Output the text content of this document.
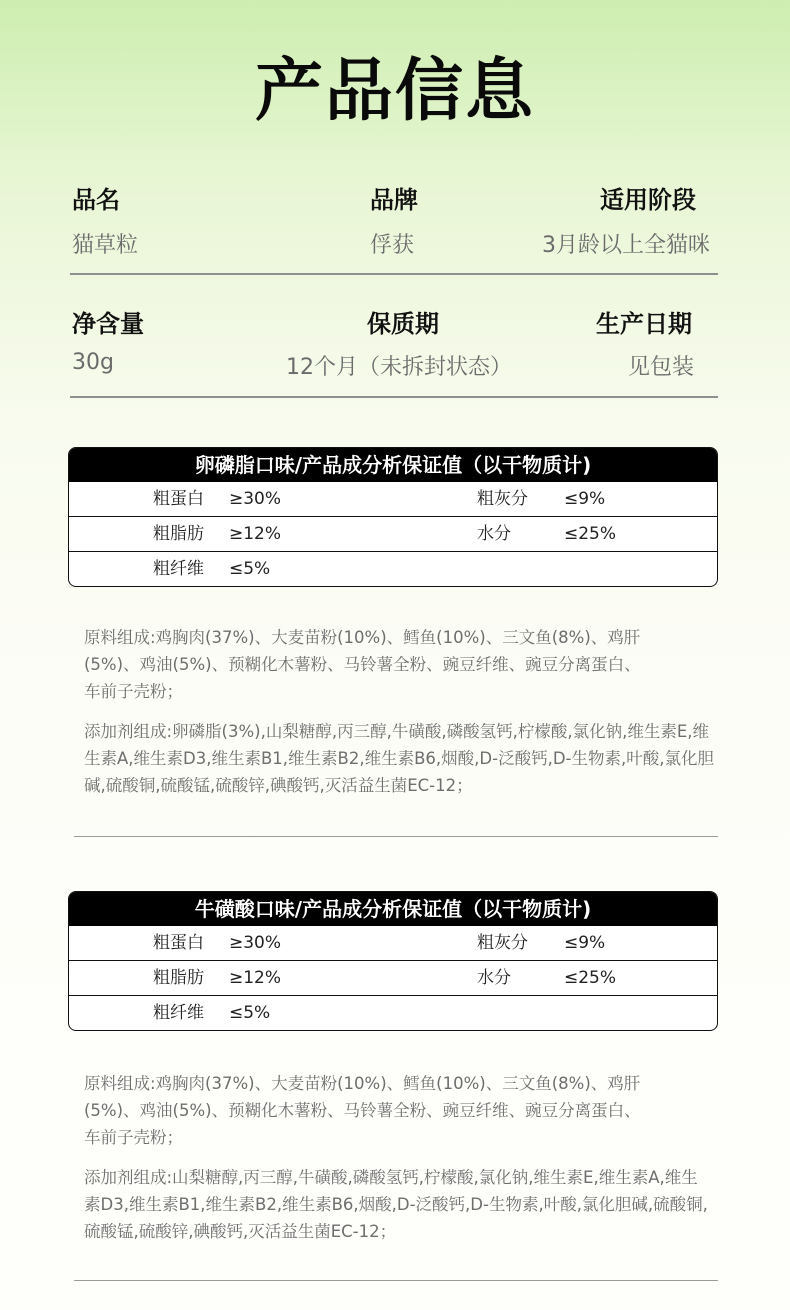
产品信息
品名	品牌	适用阶段
猫草粒	俘获	3月龄以上全猫咪
净含量	保质期	生产日期
30g	12个月（未拆封状态）	见包装
卵磷脂口味/产品成分析保证值（以干物质计)
粗蛋白 ≥30%	粗灰分 ≤9%
粗脂肪 ≥12%	水分	≤25%
粗纤维 ≤5%
原料组成:鸡胸肉(37%)、大麦苗粉(10%)、鳕鱼(10%)、三文鱼(8%)、鸡肝
(5%)、鸡油(5%)、预糊化木薯粉、马铃薯全粉、豌豆纤维、豌豆分离蛋白、
车前子壳粉；
添加剂组成:卵磷脂(3%),山梨糖醇,丙三醇,牛磺酸,磷酸氢钙,柠檬酸,氯化钠,维生素E,维
生素A,维生素D3,维生素B1,维生素B2,维生素B6,烟酸,D-泛酸钙,D-生物素,叶酸,氯化胆
碱,硫酸铜,硫酸锰,硫酸锌,碘酸钙,灭活益生菌EC-12；
牛磺酸口味/产品成分析保证值（以干物质计)
粗蛋白 ≥30%	粗灰分 ≤9%
粗脂肪 ≥12%	水分	≤25%
粗纤维 ≤5%
原料组成:鸡胸肉(37%)、大麦苗粉(10%)、鳕鱼(10%)、三文鱼(8%)、鸡肝
(5%)、鸡油(5%)、预糊化木薯粉、马铃薯全粉、豌豆纤维、豌豆分离蛋白、
车前子壳粉；
添加剂组成:山梨糖醇,丙三醇,牛磺酸,磷酸氢钙,柠檬酸,氯化钠,维生素E,维生素A,维生
素D3,维生素B1,维生素B2,维生素B6,烟酸,D-泛酸钙,D-生物素,叶酸,氯化胆碱,硫酸铜,
硫酸锰,硫酸锌,碘酸钙,灭活益生菌EC-12；
